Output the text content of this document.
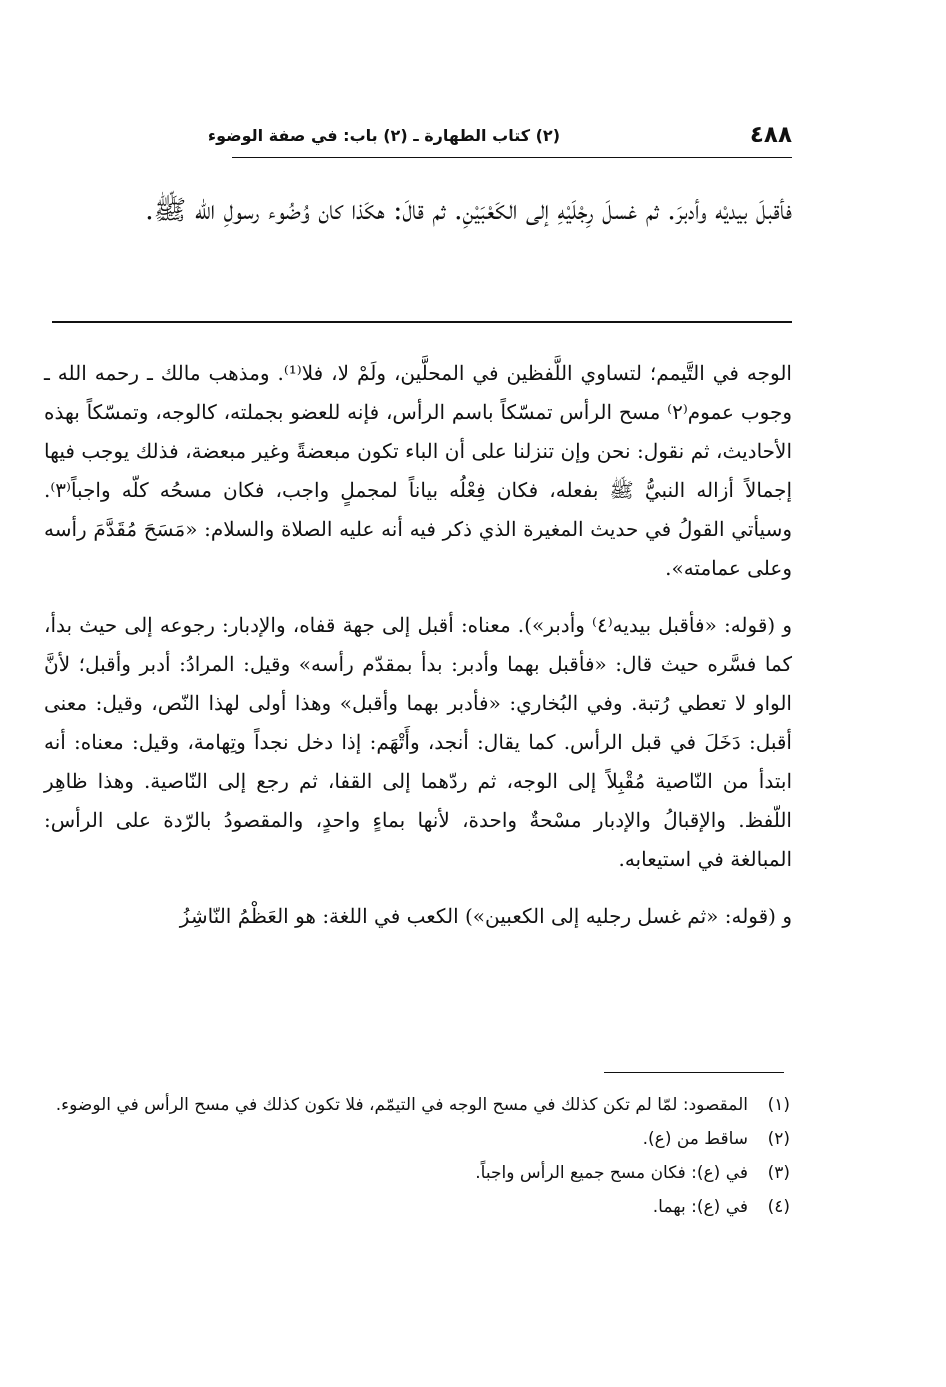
٤٨٨
(٢) كتاب الطهارة ـ (٢) باب: في صفة الوضوء
فأقبلَ بيديْه وأدبرَ. ثم غسلَ رِجْلَيْهِ إلى الكَعْبَيْنِ. ثم قالَ: هكَذا كان وُضُوء رسولِ الله ﷺ.

الوجه في التَّيمم؛ لتساوي اللَّفظين في المحلَّين، ولَمْ لا، فلا⁽¹⁾. ومذهب مالك ـ رحمه الله ـ وجوب عموم⁽٢⁾ مسح الرأس تمسّكاً باسم الرأس، فإنه للعضو بجملته، كالوجه، وتمسّكاً بهذه الأحاديث، ثم نقول: نحن وإن تنزلنا على أن الباء تكون مبعضةً وغير مبعضة، فذلك يوجب فيها إجمالاً أزاله النبيُّ ﷺ بفعله، فكان فِعْلُه بياناً لمجملٍ واجب، فكان مسحُه كلّه واجباً⁽٣⁾. وسيأتي القولُ في حديث المغيرة الذي ذكر فيه أنه عليه الصلاة والسلام: «مَسَحَ مُقَدَّمَ رأسه وعلى عمامته».

و (قوله: «فأقبل بيديه⁽٤⁾ وأدبر»). معناه: أقبل إلى جهة قفاه، والإدبار: رجوعه إلى حيث بدأ، كما فسَّره حيث قال: «فأقبل بهما وأدبر: بدأ بمقدّم رأسه» وقيل: المرادُ: أدبر وأقبل؛ لأنَّ الواو لا تعطي رُتبة. وفي البُخاري: «فأدبر بهما وأقبل» وهذا أولى لهذا النّص، وقيل: معنى أقبل: دَخَلَ في قبل الرأس. كما يقال: أنجد، وأَتْهَم: إذا دخل نجداً وتِهامة، وقيل: معناه: أنه ابتدأ من النّاصية مُقْبِلاً إلى الوجه، ثم ردّهما إلى القفا، ثم رجع إلى النّاصية. وهذا ظاهِر اللّفظ. والإقبالُ والإدبار مسْحةٌ واحدة، لأنها بماءٍ واحدٍ، والمقصودُ بالرّدة على الرأس: المبالغة في استيعابه.

و (قوله: «ثم غسل رجليه إلى الكعبين») الكعب في اللغة: هو العَظْمُ النّاشِزُ

(١)
المقصود: لمّا لم تكن كذلك في مسح الوجه في التيمّم، فلا تكون كذلك في مسح الرأس في الوضوء.
(٢)
ساقط من (ع).
(٣)
في (ع): فكان مسح جميع الرأس واجباً.
(٤)
في (ع): بهما.
